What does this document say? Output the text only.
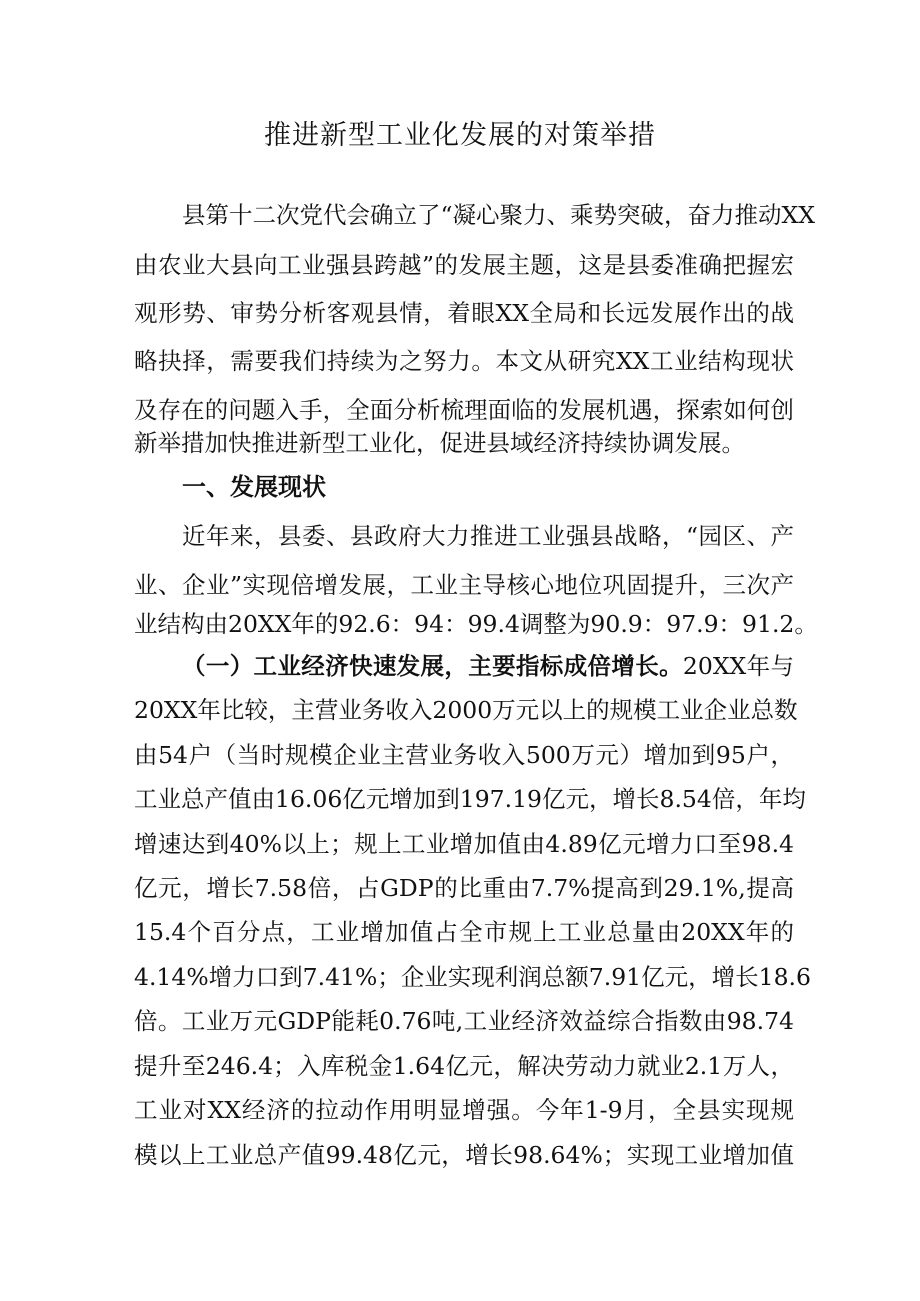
推进新型工业化发展的对策举措
县第十二次党代会确立了“凝心聚力、乘势突破，奋力推动XX
由农业大县向工业强县跨越”的发展主题，这是县委准确把握宏
观形势、审势分析客观县情，着眼XX全局和长远发展作出的战
略抉择，需要我们持续为之努力。本文从研究XX工业结构现状
及存在的问题入手，全面分析梳理面临的发展机遇，探索如何创
新举措加快推进新型工业化，促进县域经济持续协调发展。
一、发展现状
近年来，县委、县政府大力推进工业强县战略，“园区、产
业、企业”实现倍增发展，工业主导核心地位巩固提升，三次产
业结构由20XX年的92.6：94：99.4调整为90.9：97.9：91.2。
（一）工业经济快速发展，主要指标成倍增长。20XX年与
20XX年比较，主营业务收入2000万元以上的规模工业企业总数
由54户（当时规模企业主营业务收入500万元）增加到95户，
工业总产值由16.06亿元增加到197.19亿元，增长8.54倍，年均
增速达到40%以上；规上工业增加值由4.89亿元增力口至98.4
亿元，增长7.58倍，占GDP的比重由7.7%提高到29.1%,提高
15.4个百分点，工业增加值占全市规上工业总量由20XX年的
4.14%增力口到7.41%；企业实现利润总额7.91亿元，增长18.6
倍。工业万元GDP能耗0.76吨,工业经济效益综合指数由98.74
提升至246.4；入库税金1.64亿元，解决劳动力就业2.1万人，
工业对XX经济的拉动作用明显增强。今年1-9月，全县实现规
模以上工业总产值99.48亿元，增长98.64%；实现工业增加值
